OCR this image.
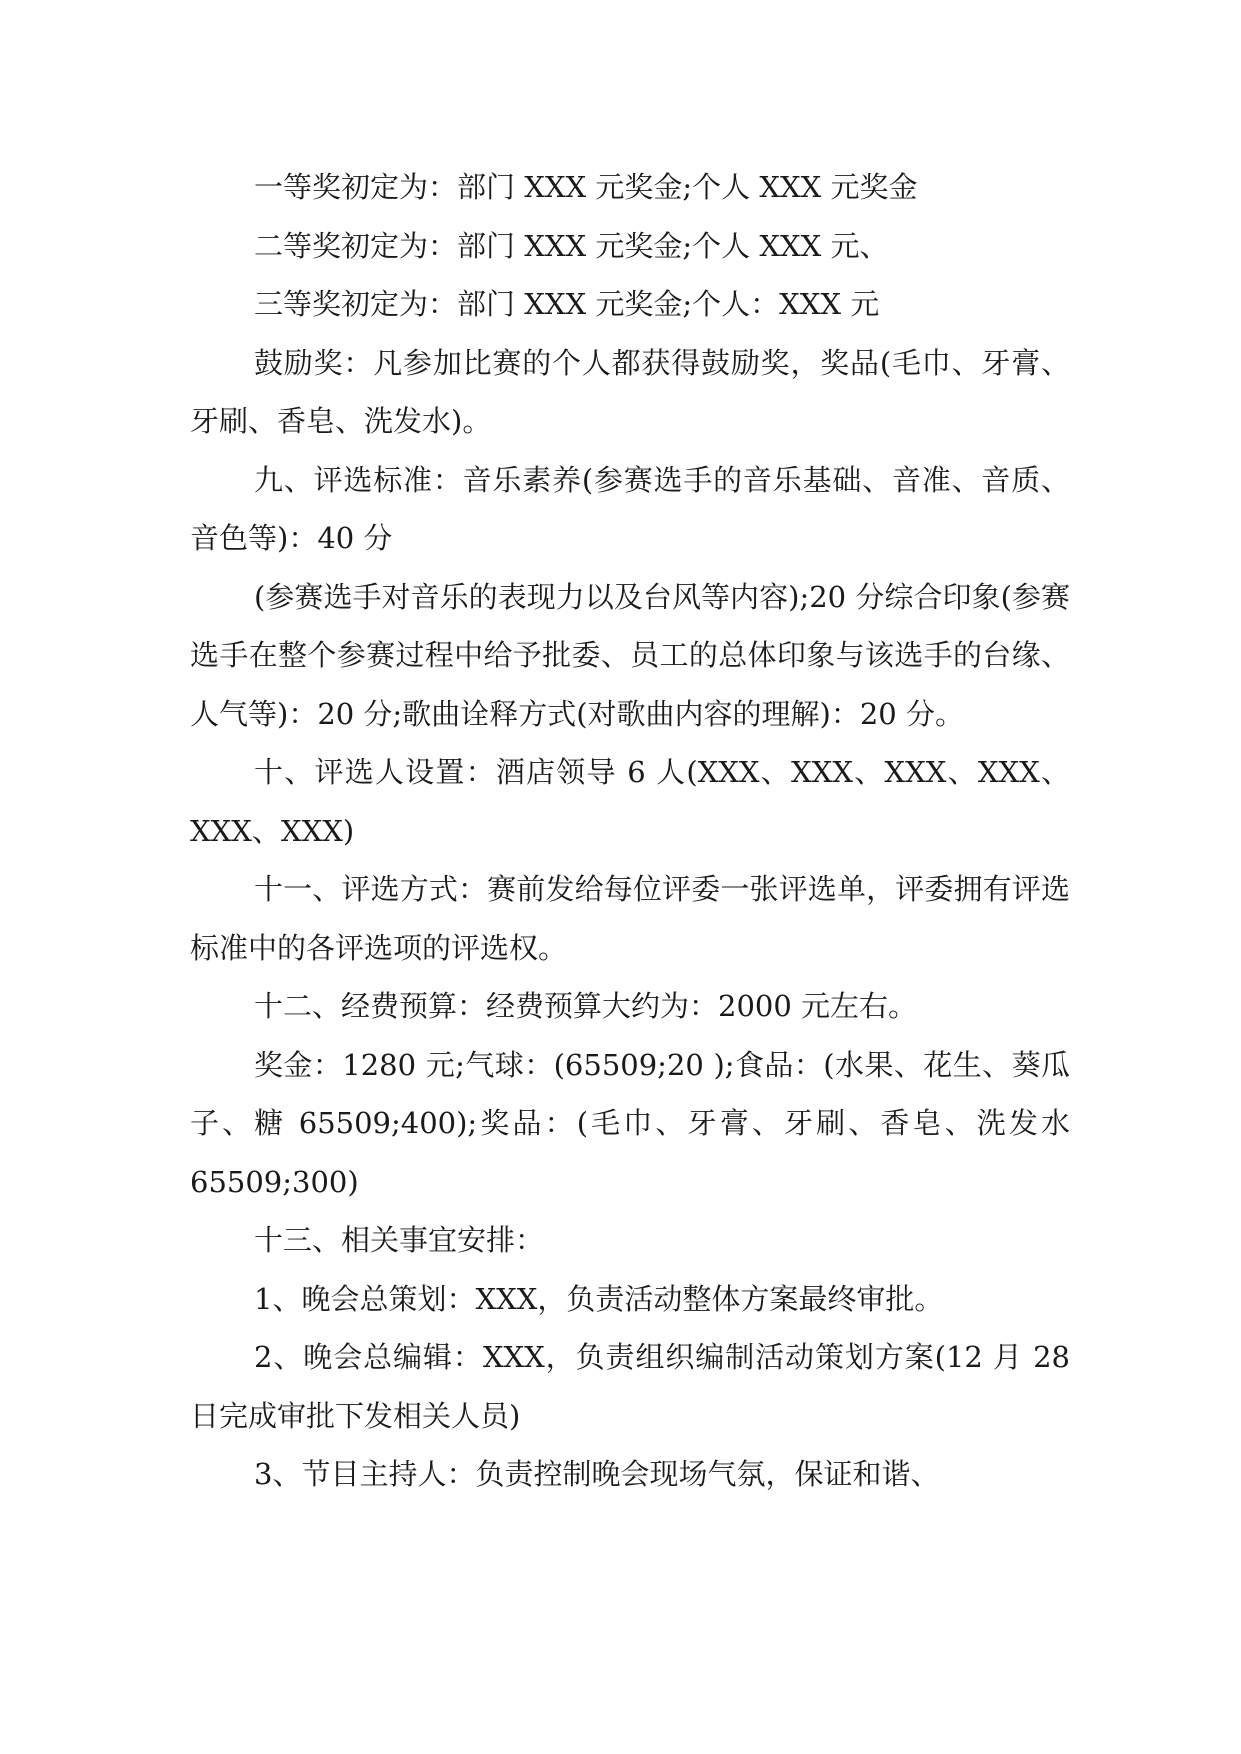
一等奖初定为：部门 XXX 元奖金;个人 XXX 元奖金

二等奖初定为：部门 XXX 元奖金;个人 XXX 元、

三等奖初定为：部门 XXX 元奖金;个人：XXX 元

鼓励奖：凡参加比赛的个人都获得鼓励奖，奖品(毛巾、牙膏、牙刷、香皂、洗发水)。

九、评选标准：音乐素养(参赛选手的音乐基础、音准、音质、音色等)：40 分

(参赛选手对音乐的表现力以及台风等内容);20 分综合印象(参赛选手在整个参赛过程中给予批委、员工的总体印象与该选手的台缘、人气等)：20 分;歌曲诠释方式(对歌曲内容的理解)：20 分。

十、评选人设置：酒店领导 6 人(XXX、XXX、XXX、XXX、XXX、XXX)

十一、评选方式：赛前发给每位评委一张评选单，评委拥有评选标准中的各评选项的评选权。

十二、经费预算：经费预算大约为：2000 元左右。

奖金：1280 元;气球：(65509;20 );食品：(水果、花生、葵瓜子、糖 65509;400);奖品：(毛巾、牙膏、牙刷、香皂、洗发水 65509;300)

十三、相关事宜安排：

1、晚会总策划：XXX，负责活动整体方案最终审批。

2、晚会总编辑：XXX，负责组织编制活动策划方案(12 月 28 日完成审批下发相关人员)

3、节目主持人：负责控制晚会现场气氛，保证和谐、
